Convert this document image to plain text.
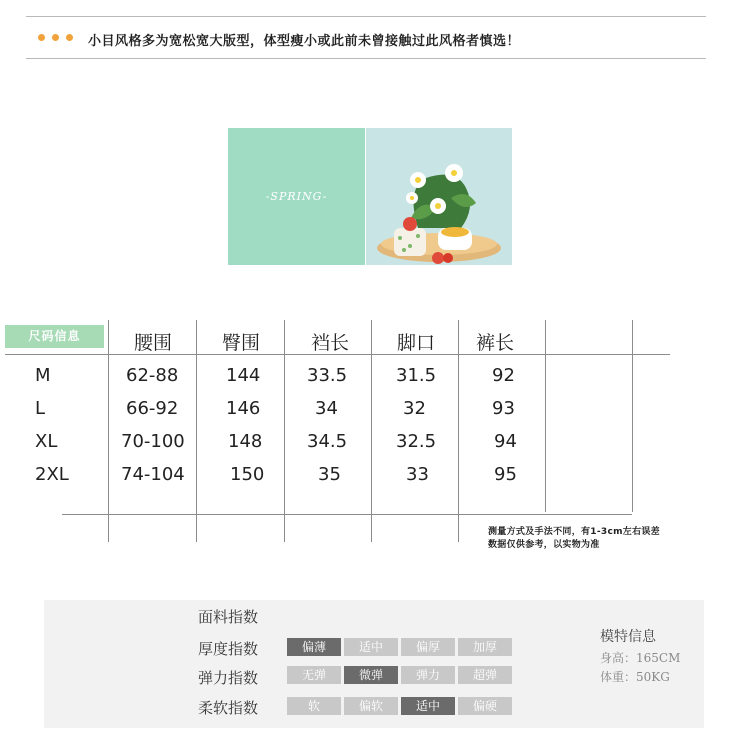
小目风格多为宽松宽大版型，体型瘦小或此前未曾接触过此风格者慎选！
-SPRING-
尺码信息	腰围	臀围	裆长	脚口 裤长
M	62-88	144	33.5	31.5	92
L	66-92	146	34	32	93
XL	70-100 148 34.5	32.5	94
2XL	74-104	150	35	33	95
测量方式及手法不同，有1-3cm左右误差
数据仅供参考，以实物为准
面料指数
厚度指数	偏薄	适中	偏厚	加厚
弹力指数	无弹	微弹	弹力	超弹
柔软指数	软	偏软	适中	偏硬
模特信息
身高：165CM
体重：50KG
